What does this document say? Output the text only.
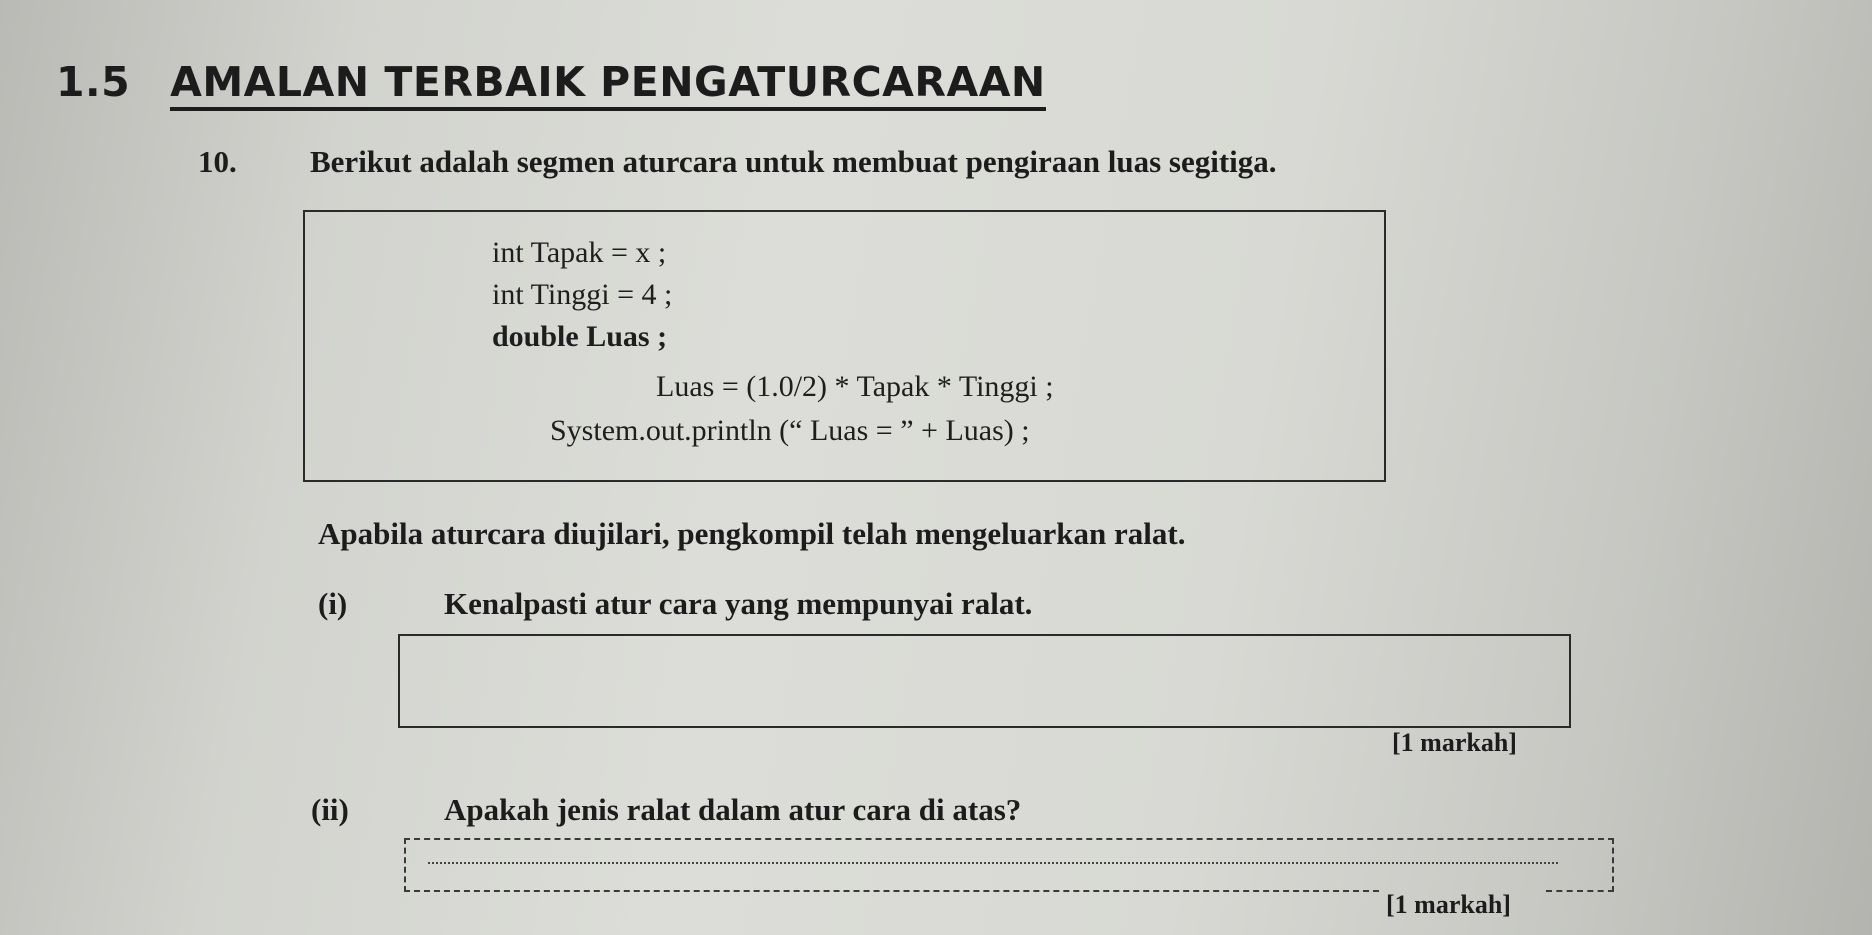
1.5 AMALAN TERBAIK PENGATURCARAAN
10. Berikut adalah segmen aturcara untuk membuat pengiraan luas segitiga.
int Tapak = x ;
int Tinggi = 4 ;
double Luas ;
Luas = (1.0/2) * Tapak * Tinggi ;
System.out.println (“ Luas = ” + Luas) ;
Apabila aturcara diujilari, pengkompil telah mengeluarkan ralat.
(i)	Kenalpasti atur cara yang mempunyai ralat.
[1 markah]
(ii)	Apakah jenis ralat dalam atur cara di atas?
[1 markah]
